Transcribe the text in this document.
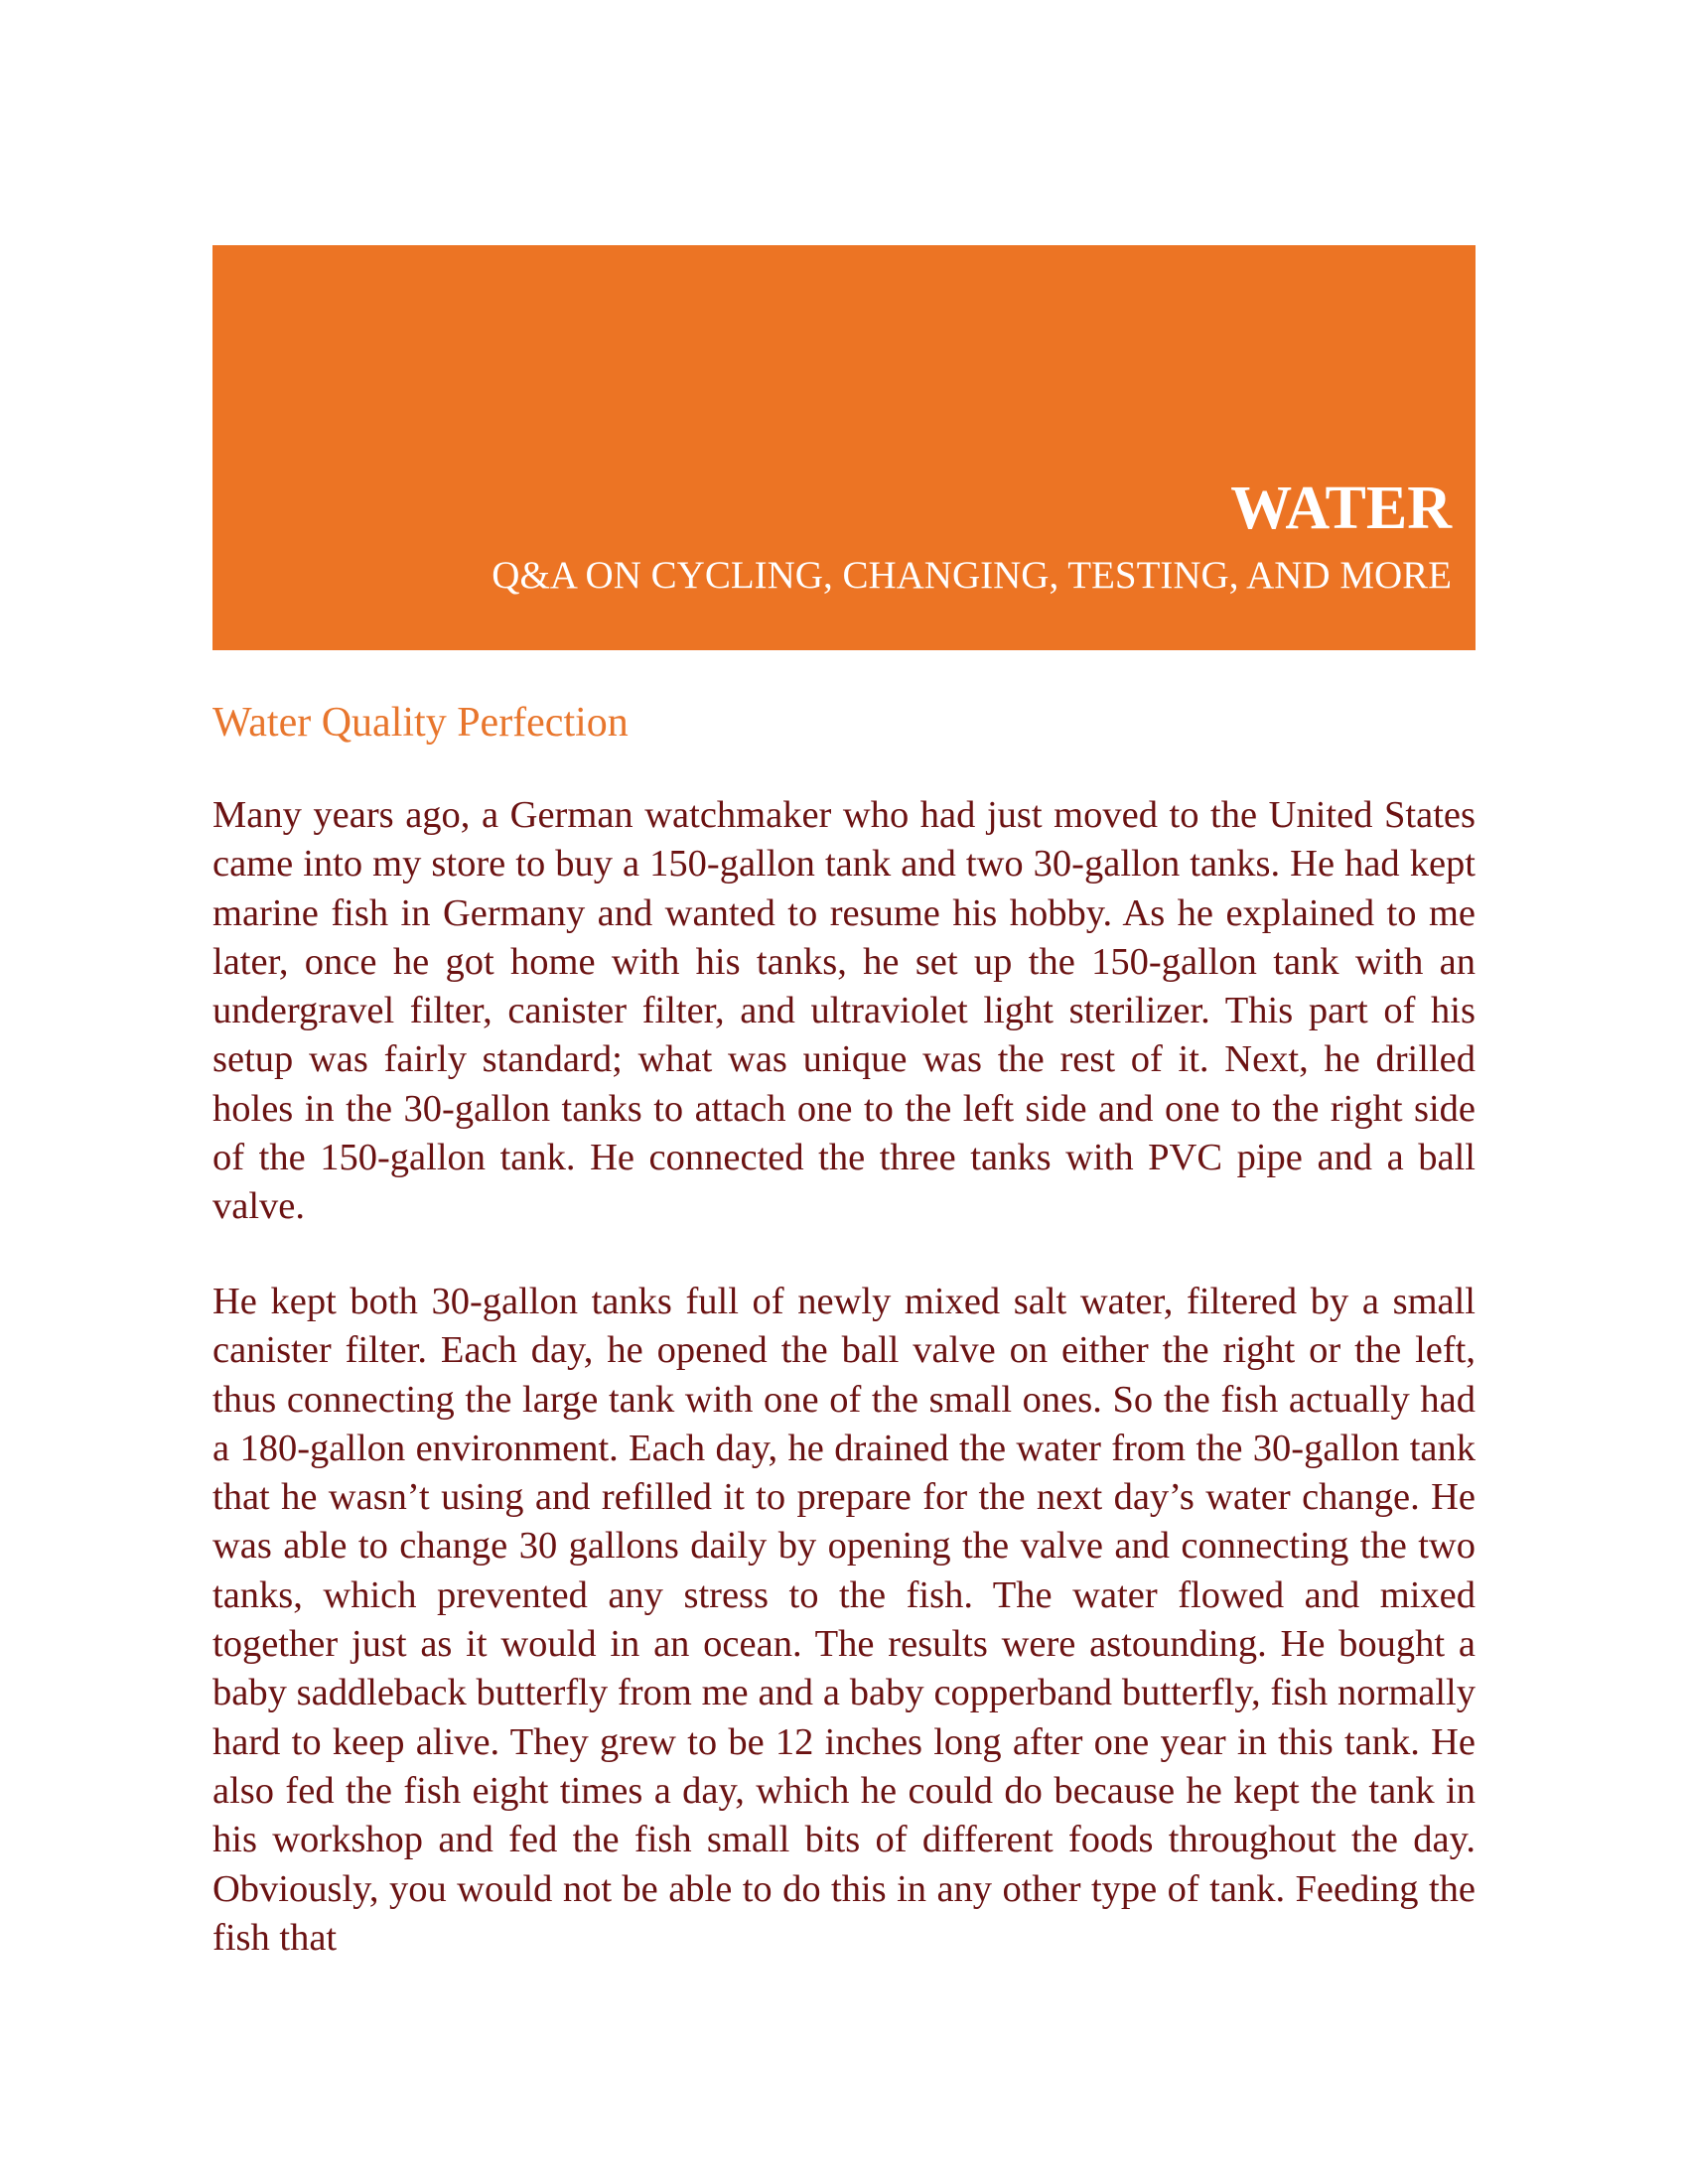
WATER
Q&A ON CYCLING, CHANGING, TESTING, AND MORE
Water Quality Perfection

Many years ago, a German watchmaker who had just moved to the United States came into my store to buy a 150-gallon tank and two 30-gallon tanks. He had kept marine fish in Germany and wanted to resume his hobby. As he explained to me later, once he got home with his tanks, he set up the 150-gallon tank with an undergravel filter, canister filter, and ultraviolet light sterilizer. This part of his setup was fairly standard; what was unique was the rest of it. Next, he drilled holes in the 30-gallon tanks to attach one to the left side and one to the right side of the 150-gallon tank. He connected the three tanks with PVC pipe and a ball valve.

He kept both 30-gallon tanks full of newly mixed salt water, filtered by a small canister filter. Each day, he opened the ball valve on either the right or the left, thus connecting the large tank with one of the small ones. So the fish actually had a 180-gallon environment. Each day, he drained the water from the 30-gallon tank that he wasn’t using and refilled it to prepare for the next day’s water change. He was able to change 30 gallons daily by opening the valve and connecting the two tanks, which prevented any stress to the fish. The water flowed and mixed together just as it would in an ocean. The results were astounding. He bought a baby saddleback butterfly from me and a baby copperband butterfly, fish normally hard to keep alive. They grew to be 12 inches long after one year in this tank. He also fed the fish eight times a day, which he could do because he kept the tank in his workshop and fed the fish small bits of different foods throughout the day. Obviously, you would not be able to do this in any other type of tank. Feeding the fish that
